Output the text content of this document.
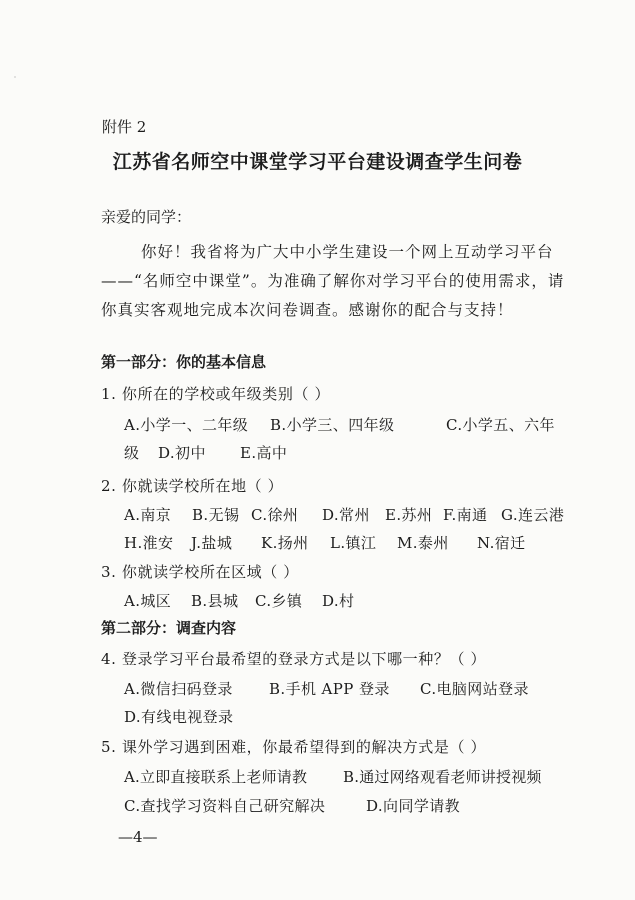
附件 2
江苏省名师空中课堂学习平台建设调查学生问卷
亲爱的同学：
你好！我省将为广大中小学生建设一个网上互动学习平台
——“名师空中课堂”。为准确了解你对学习平台的使用需求，请
你真实客观地完成本次问卷调查。感谢你的配合与支持！
第一部分：你的基本信息
1. 你所在的学校或年级类别（ ）
A.小学一、二年级 B.小学三、四年级	C.小学五、六年
级 D.初中 E.高中
2. 你就读学校所在地（ ）
A.南京 B.无锡 C.徐州 D.常州 E.苏州 F.南通 G.连云港
H.淮安 J.盐城 K.扬州 L.镇江 M.泰州 N.宿迁
3. 你就读学校所在区域（ ）
A.城区 B.县城 C.乡镇 D.村
第二部分：调查内容
4. 登录学习平台最希望的登录方式是以下哪一种？（ ）
A.微信扫码登录 B.手机 APP 登录 C.电脑网站登录
D.有线电视登录
5. 课外学习遇到困难，你最希望得到的解决方式是（ ）
A.立即直接联系上老师请教 B.通过网络观看老师讲授视频
C.查找学习资料自己研究解决	D.向同学请教
—4—
